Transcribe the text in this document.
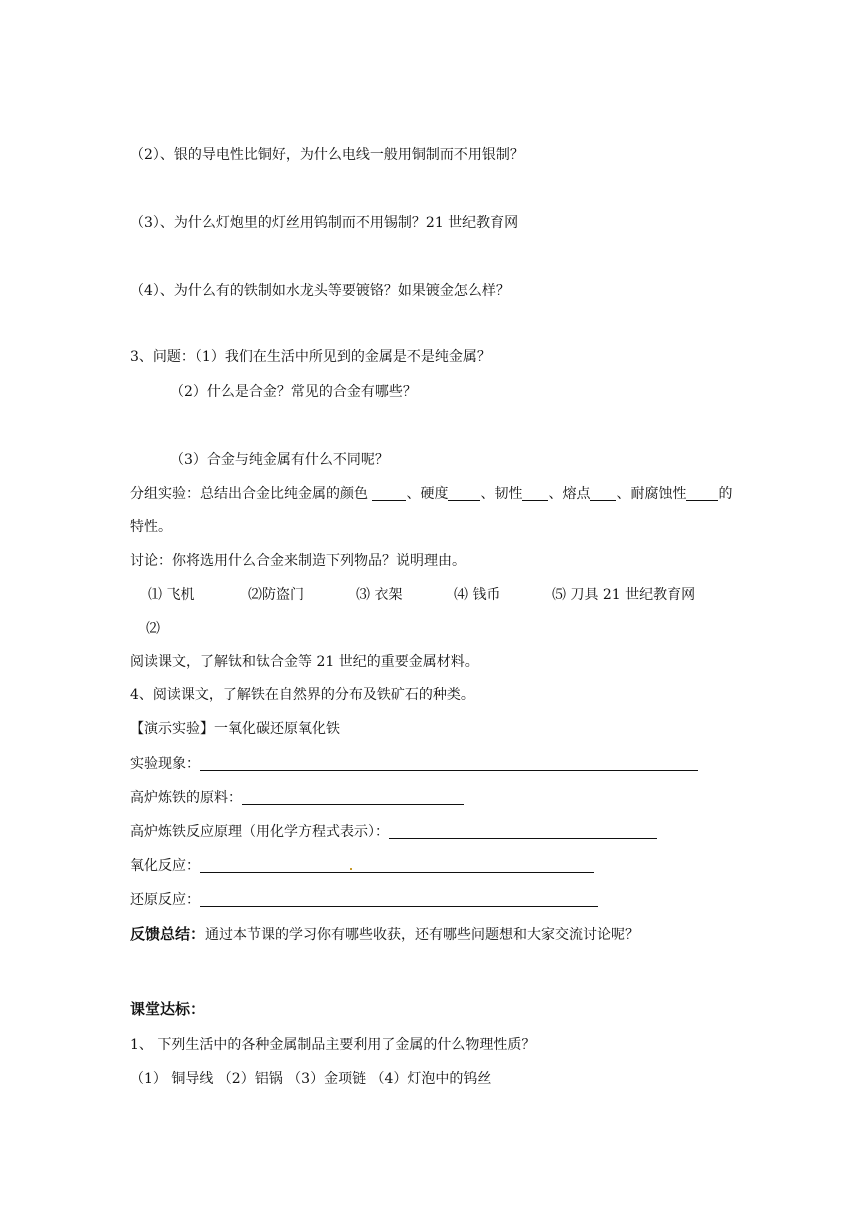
（2）、银的导电性比铜好，为什么电线一般用铜制而不用银制？
（3）、为什么灯炮里的灯丝用钨制而不用锡制？21 世纪教育网
（4）、为什么有的铁制如水龙头等要镀铬？如果镀金怎么样？
3、问题：（1）我们在生活中所见到的金属是不是纯金属？
（2）什么是合金？常见的合金有哪些？
（3）合金与纯金属有什么不同呢？
分组实验：总结出合金比纯金属的颜色	、硬度 、韧性 、熔点 、耐腐蚀性 的
特性。
讨论：你将选用什么合金来制造下列物品？说明理由。
⑴ 飞机	⑵防盗门	⑶ 衣架	⑷ 钱币	⑸ 刀具 21 世纪教育网
⑵
阅读课文，了解钛和钛合金等 21 世纪的重要金属材料。
4、阅读课文，了解铁在自然界的分布及铁矿石的种类。
【演示实验】一氧化碳还原氧化铁
实验现象：
高炉炼铁的原料：
高炉炼铁反应原理（用化学方程式表示）：
氧化反应：
还原反应：
反馈总结：通过本节课的学习你有哪些收获，还有哪些问题想和大家交流讨论呢？
课堂达标：
1、 下列生活中的各种金属制品主要利用了金属的什么物理性质？
（1） 铜导线 （2）铝锅 （3）金项链 （4）灯泡中的钨丝
